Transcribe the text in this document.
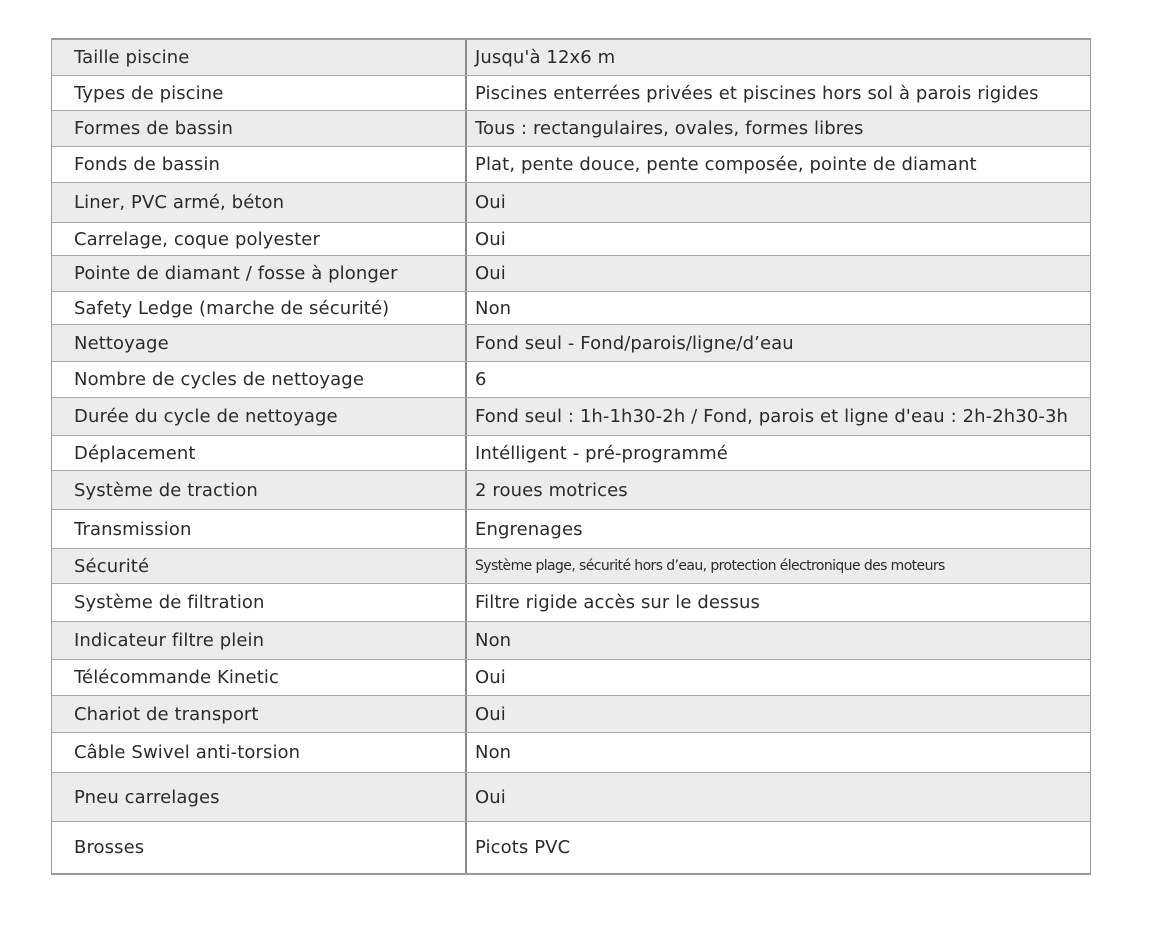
Taille piscine	Jusqu'à 12x6 m
Types de piscine	Piscines enterrées privées et piscines hors sol à parois rigides
Formes de bassin	Tous : rectangulaires, ovales, formes libres
Fonds de bassin	Plat, pente douce, pente composée, pointe de diamant
Liner, PVC armé, béton	Oui
Carrelage, coque polyester	Oui
Pointe de diamant / fosse à plonger	Oui
Safety Ledge (marche de sécurité)	Non
Nettoyage	Fond seul - Fond/parois/ligne/d’eau
Nombre de cycles de nettoyage	6
Durée du cycle de nettoyage	Fond seul : 1h-1h30-2h / Fond, parois et ligne d'eau : 2h-2h30-3h
Déplacement	Intélligent - pré-programmé
Système de traction	2 roues motrices
Transmission	Engrenages
Sécurité	Système plage, sécurité hors d’eau, protection électronique des moteurs
Système de filtration	Filtre rigide accès sur le dessus
Indicateur filtre plein	Non
Télécommande Kinetic	Oui
Chariot de transport	Oui
Câble Swivel anti-torsion	Non
Pneu carrelages	Oui
Brosses	Picots PVC
